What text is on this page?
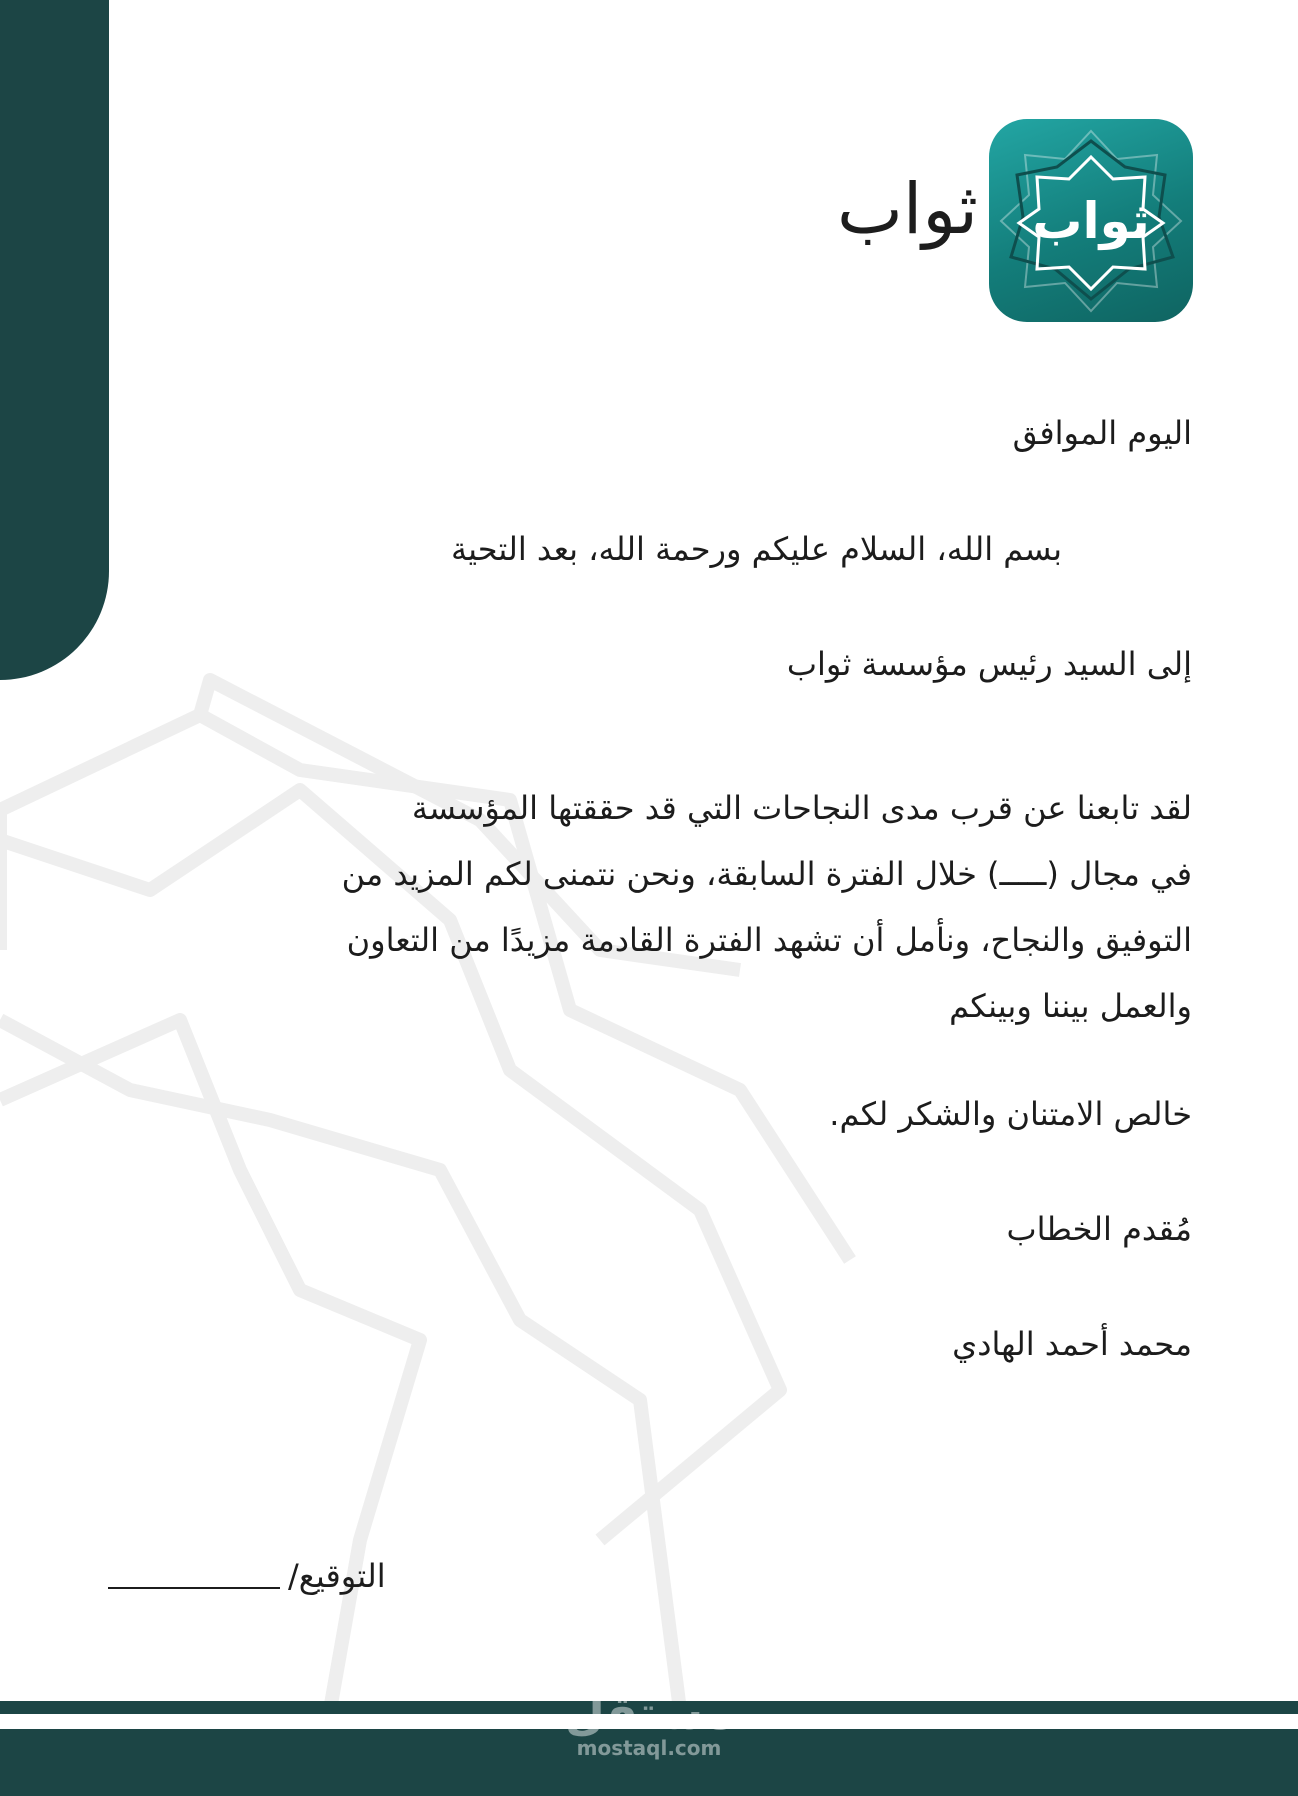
ثواب
ثواب
اليوم الموافق
بسم الله، السلام عليكم ورحمة الله، بعد التحية
إلى السيد رئيس مؤسسة ثواب
لقد تابعنا عن قرب مدى النجاحات التي قد حققتها المؤسسة
في مجال (ـــــ) خلال الفترة السابقة، ونحن نتمنى لكم المزيد من
التوفيق والنجاح، ونأمل أن تشهد الفترة القادمة مزيدًا من التعاون
والعمل بيننا وبينكم
خالص الامتنان والشكر لكم.
مُقدم الخطاب
محمد أحمد الهادي
التوقيع/
مستقل
mostaql.com
